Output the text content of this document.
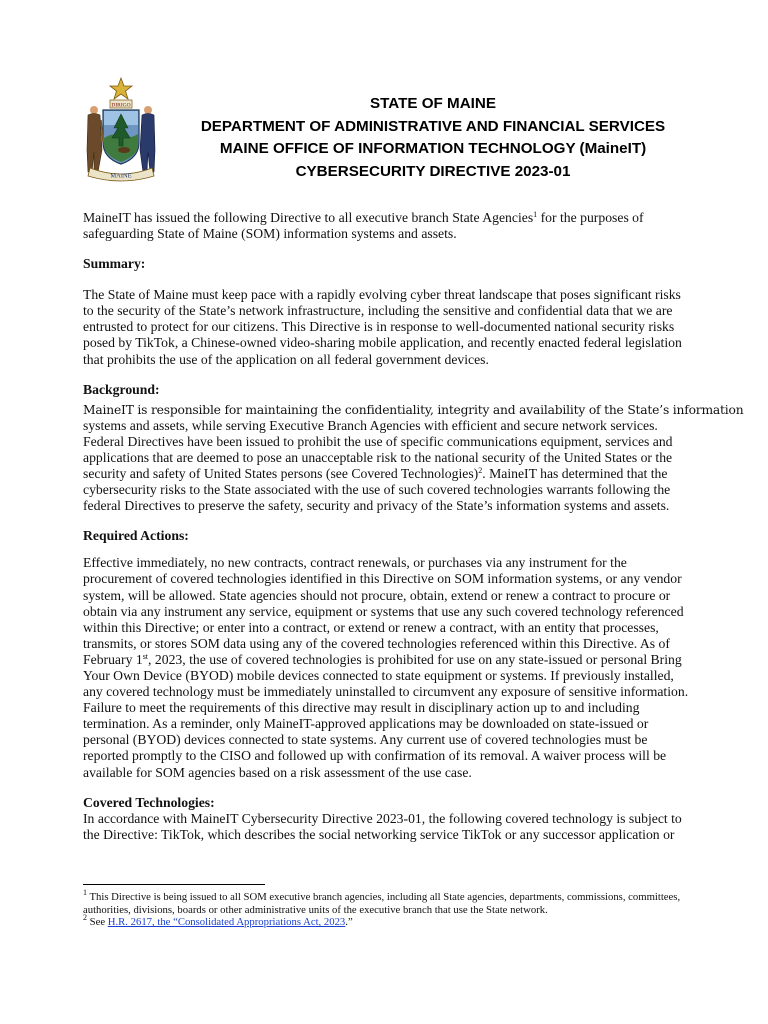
DIRIGO
MAINE
STATE OF MAINE
DEPARTMENT OF ADMINISTRATIVE AND FINANCIAL SERVICES
MAINE OFFICE OF INFORMATION TECHNOLOGY (MaineIT)
CYBERSECURITY DIRECTIVE 2023-01

MaineIT has issued the following Directive to all executive branch State Agencies$^1$ for the purposes of safeguarding State of Maine (SOM) information systems and assets.

Summary:

The State of Maine must keep pace with a rapidly evolving cyber threat landscape that poses significant risks to the security of the State’s network infrastructure, including the sensitive and confidential data that we are entrusted to protect for our citizens. This Directive is in response to well-documented national security risks posed by TikTok, a Chinese-owned video-sharing mobile application, and recently enacted federal legislation that prohibits the use of the application on all federal government devices.

Background:

MaineIT is responsible for maintaining the confidentiality, integrity and availability of the State’s information
systems and assets, while serving Executive Branch Agencies with efficient and secure network services. Federal Directives have been issued to prohibit the use of specific communications equipment, services and applications that are deemed to pose an unacceptable risk to the national security of the United States or the security and safety of United States persons (see Covered Technologies)$^2$. MaineIT has determined that the cybersecurity risks to the State associated with the use of such covered technologies warrants following the federal Directives to preserve the safety, security and privacy of the State’s information systems and assets.

Required Actions:

Effective immediately, no new contracts, contract renewals, or purchases via any instrument for the procurement of covered technologies identified in this Directive on SOM information systems, or any vendor system, will be allowed. State agencies should not procure, obtain, extend or renew a contract to procure or obtain via any instrument any service, equipment or systems that use any such covered technology referenced within this Directive; or enter into a contract, or extend or renew a contract, with an entity that processes, transmits, or stores SOM data using any of the covered technologies referenced within this Directive. As of February 1st, 2023, the use of covered technologies is prohibited for use on any state-issued or personal Bring Your Own Device (BYOD) mobile devices connected to state equipment or systems. If previously installed, any covered technology must be immediately uninstalled to circumvent any exposure of sensitive information. Failure to meet the requirements of this directive may result in disciplinary action up to and including termination. As a reminder, only MaineIT-approved applications may be downloaded on state-issued or personal (BYOD) devices connected to state systems. Any current use of covered technologies must be reported promptly to the CISO and followed up with confirmation of its removal. A waiver process will be available for SOM agencies based on a risk assessment of the use case.

Covered Technologies:

In accordance with MaineIT Cybersecurity Directive 2023-01, the following covered technology is subject to the Directive: TikTok, which describes the social networking service TikTok or any successor application or

$^1$ This Directive is being issued to all SOM executive branch agencies, including all State agencies, departments, commissions, committees, authorities, divisions, boards or other administrative units of the executive branch that use the State network.
$^2$ See H.R. 2617, the “Consolidated Appropriations Act, 2023.”
